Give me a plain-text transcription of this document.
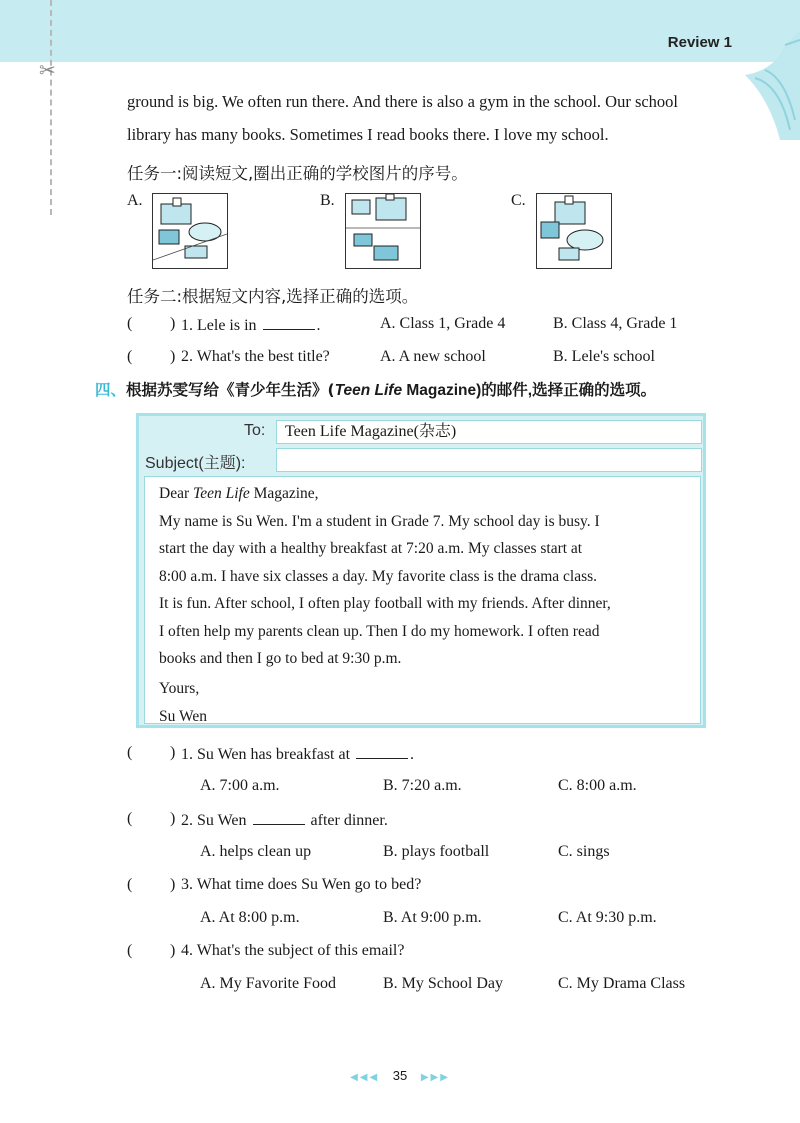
✂
Review 1

ground is big. We often run there. And there is also a gym in the school. Our school

library has many books. Sometimes I read books there. I love my school.

任务一:阅读短文,圈出正确的学校图片的序号。

A.	B.	C.

任务二:根据短文内容,选择正确的选项。

( ) 1. Lele is in	.	A. Class 1, Grade 4	B. Class 4, Grade 1
( ) 2. What's the best title?	A. A new school	B. Lele's school
四、根据苏雯写给《青少年生活》(Teen Life Magazine)的邮件,选择正确的选项。
To:	Teen Life Magazine(杂志)
Subject(主题):
Dear Teen Life Magazine,
My name is Su Wen. I'm a student in Grade 7. My school day is busy. I
start the day with a healthy breakfast at 7:20 a.m. My classes start at
8:00 a.m. I have six classes a day. My favorite class is the drama class.
It is fun. After school, I often play football with my friends. After dinner,
I often help my parents clean up. Then I do my homework. I often read
books and then I go to bed at 9:30 p.m.
Yours,
Su Wen
( ) 1. Su Wen has breakfast at	.
A. 7:00 a.m.	B. 7:20 a.m.	C. 8:00 a.m.
( ) 2. Su Wen	after dinner.
A. helps clean up	B. plays football	C. sings
( ) 3. What time does Su Wen go to bed?
A. At 8:00 p.m.	B. At 9:00 p.m.	C. At 9:30 p.m.
( ) 4. What's the subject of this email?
A. My Favorite Food	B. My School Day	C. My Drama Class
◀◀◀ 35 ▶▶▶
